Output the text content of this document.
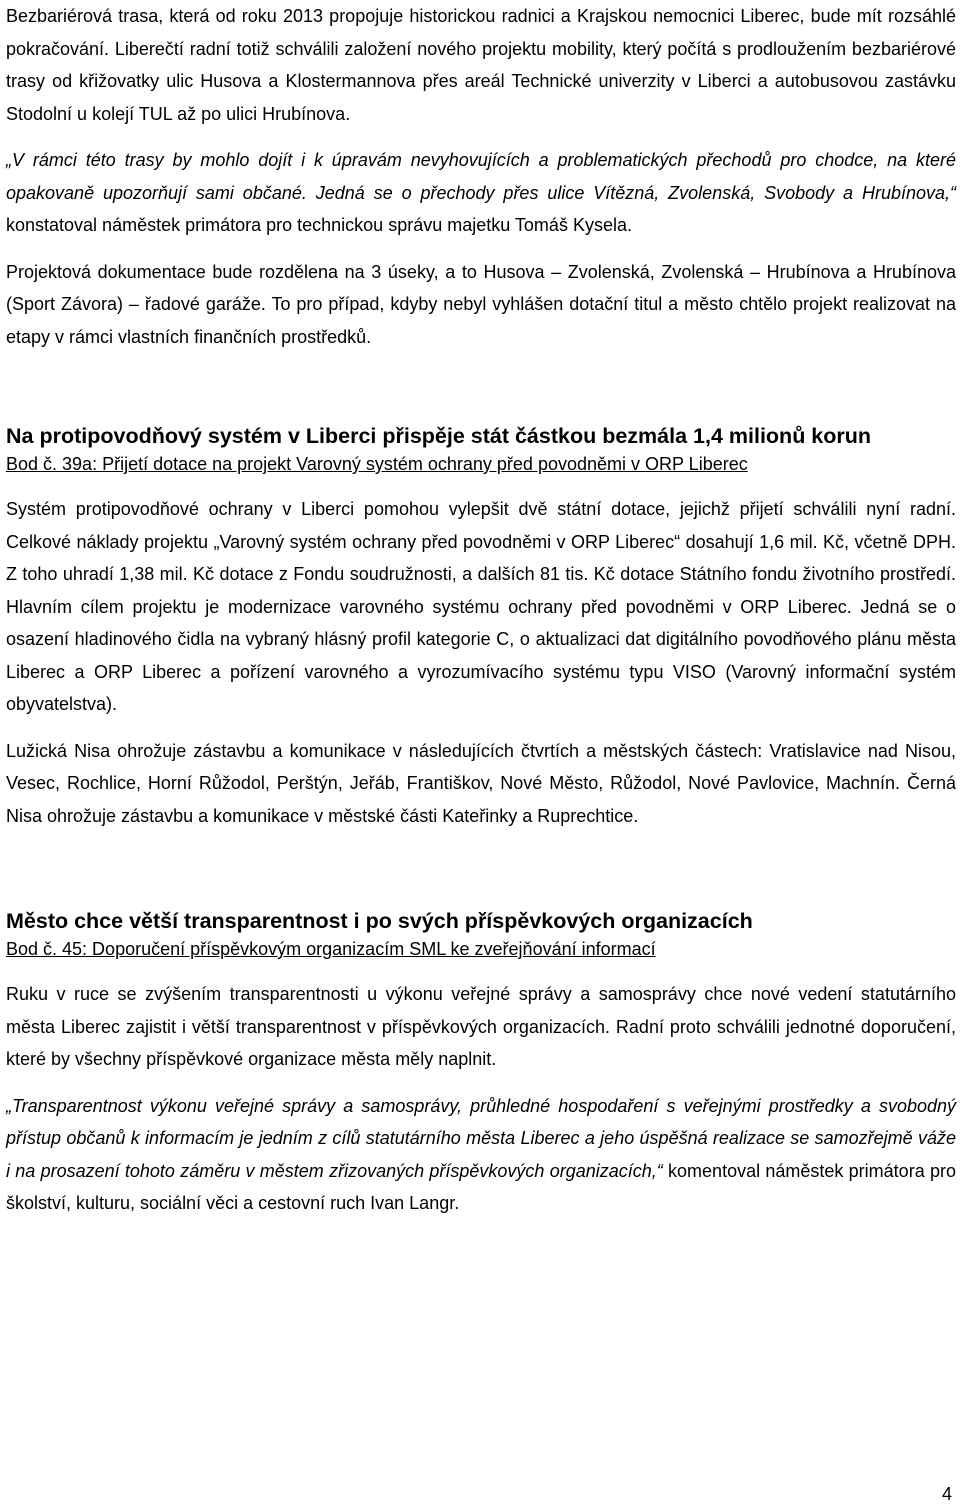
Bezbariérová trasa, která od roku 2013 propojuje historickou radnici a Krajskou nemocnici Liberec, bude mít rozsáhlé pokračování. Liberečtí radní totiž schválili založení nového projektu mobility, který počítá s prodloužením bezbariérové trasy od křižovatky ulic Husova a Klostermannova přes areál Technické univerzity v Liberci a autobusovou zastávku Stodolní u kolejí TUL až po ulici Hrubínova.

„V rámci této trasy by mohlo dojít i k úpravám nevyhovujících a problematických přechodů pro chodce, na které opakovaně upozorňují sami občané. Jedná se o přechody přes ulice Vítězná, Zvolenská, Svobody a Hrubínova,“ konstatoval náměstek primátora pro technickou správu majetku Tomáš Kysela.

Projektová dokumentace bude rozdělena na 3 úseky, a to Husova – Zvolenská, Zvolenská – Hrubínova a Hrubínova (Sport Závora) – řadové garáže. To pro případ, kdyby nebyl vyhlášen dotační titul a město chtělo projekt realizovat na etapy v rámci vlastních finančních prostředků.

Na protipovodňový systém v Liberci přispěje stát částkou bezmála 1,4 milionů korun
Bod č. 39a: Přijetí dotace na projekt Varovný systém ochrany před povodněmi v ORP Liberec

Systém protipovodňové ochrany v Liberci pomohou vylepšit dvě státní dotace, jejichž přijetí schválili nyní radní. Celkové náklady projektu „Varovný systém ochrany před povodněmi v ORP Liberec“ dosahují 1,6 mil. Kč, včetně DPH. Z toho uhradí 1,38 mil. Kč dotace z Fondu soudružnosti, a dalších 81 tis. Kč dotace Státního fondu životního prostředí. Hlavním cílem projektu je modernizace varovného systému ochrany před povodněmi v ORP Liberec. Jedná se o osazení hladinového čidla na vybraný hlásný profil kategorie C, o aktualizaci dat digitálního povodňového plánu města Liberec a ORP Liberec a pořízení varovného a vyrozumívacího systému typu VISO (Varovný informační systém obyvatelstva).

Lužická Nisa ohrožuje zástavbu a komunikace v následujících čtvrtích a městských částech: Vratislavice nad Nisou, Vesec, Rochlice, Horní Růžodol, Perštýn, Jeřáb, Františkov, Nové Město, Růžodol, Nové Pavlovice, Machnín. Černá Nisa ohrožuje zástavbu a komunikace v městské části Kateřinky a Ruprechtice.

Město chce větší transparentnost i po svých příspěvkových organizacích
Bod č. 45: Doporučení příspěvkovým organizacím SML ke zveřejňování informací

Ruku v ruce se zvýšením transparentnosti u výkonu veřejné správy a samosprávy chce nové vedení statutárního města Liberec zajistit i větší transparentnost v příspěvkových organizacích. Radní proto schválili jednotné doporučení, které by všechny příspěvkové organizace města měly naplnit.

„Transparentnost výkonu veřejné správy a samosprávy, průhledné hospodaření s veřejnými prostředky a svobodný přístup občanů k informacím je jedním z cílů statutárního města Liberec a jeho úspěšná realizace se samozřejmě váže i na prosazení tohoto záměru v městem zřizovaných příspěvkových organizacích,“ komentoval náměstek primátora pro školství, kulturu, sociální věci a cestovní ruch Ivan Langr.

4
